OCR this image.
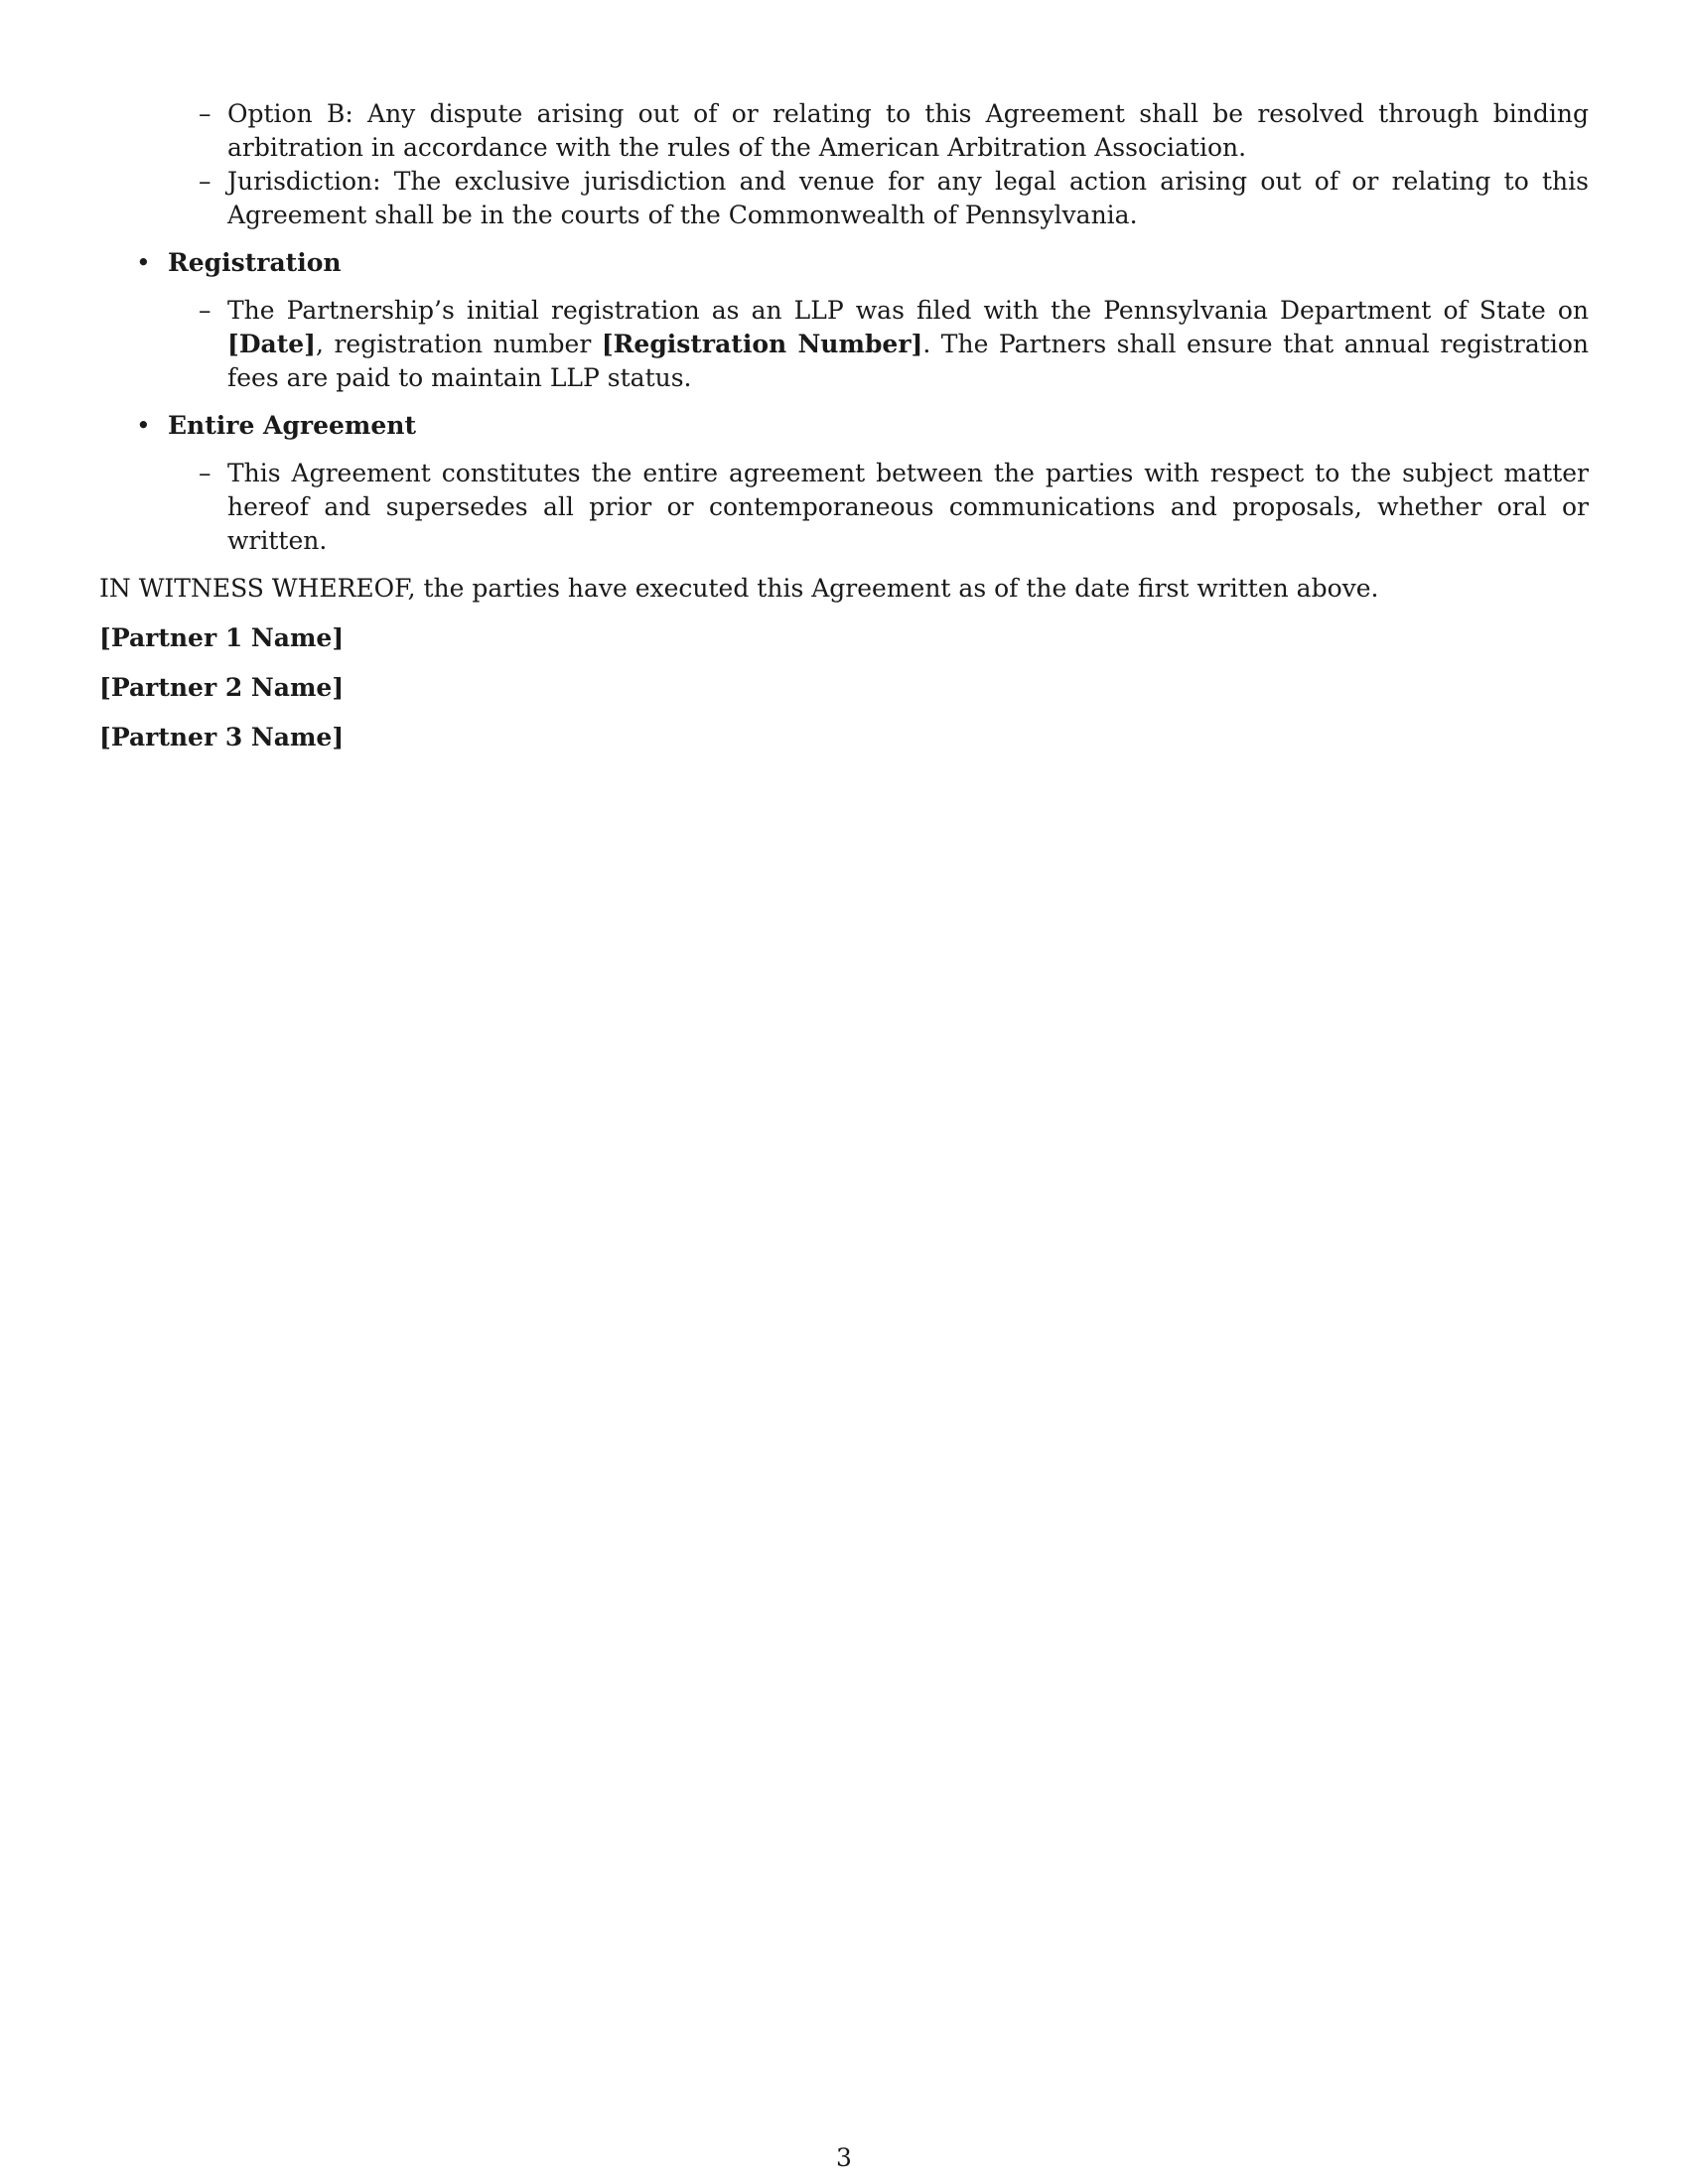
– Option B: Any dispute arising out of or relating to this Agreement shall be resolved through binding arbitration in accordance with the rules of the American Arbitration Association.
– Jurisdiction: The exclusive jurisdiction and venue for any legal action arising out of or relating to this Agreement shall be in the courts of the Commonwealth of Pennsylvania.
• Registration
– The Partnership’s initial registration as an LLP was filed with the Pennsylvania Department of State on [Date], registration number [Registration Number]. The Partners shall ensure that annual registration fees are paid to maintain LLP status.
• Entire Agreement
– This Agreement constitutes the entire agreement between the parties with respect to the subject matter hereof and supersedes all prior or contemporaneous communications and proposals, whether oral or written.
IN WITNESS WHEREOF, the parties have executed this Agreement as of the date first written above.
[Partner 1 Name]
[Partner 2 Name]
[Partner 3 Name]
3
